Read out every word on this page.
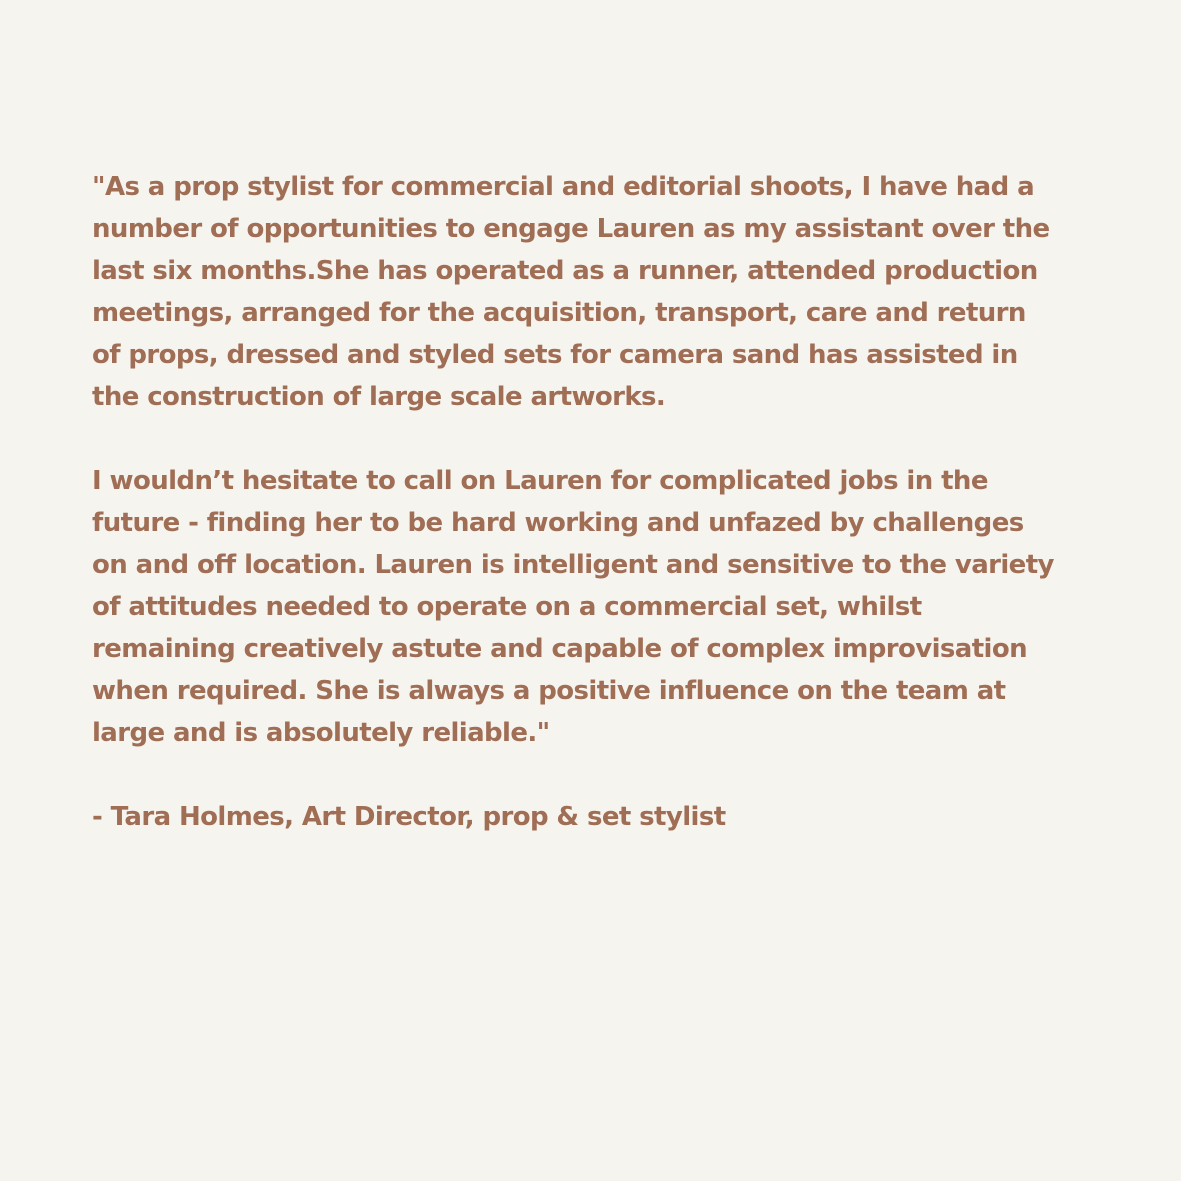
"As a prop stylist for commercial and editorial shoots, I have had a
number of opportunities to engage Lauren as my assistant over the
last six months.She has operated as a runner, attended production
meetings, arranged for the acquisition, transport, care and return
of props, dressed and styled sets for camera sand has assisted in
the construction of large scale artworks.
I wouldn’t hesitate to call on Lauren for complicated jobs in the
future - finding her to be hard working and unfazed by challenges
on and off location. Lauren is intelligent and sensitive to the variety
of attitudes needed to operate on a commercial set, whilst
remaining creatively astute and capable of complex improvisation
when required. She is always a positive influence on the team at
large and is absolutely reliable."
- Tara Holmes, Art Director, prop & set stylist
